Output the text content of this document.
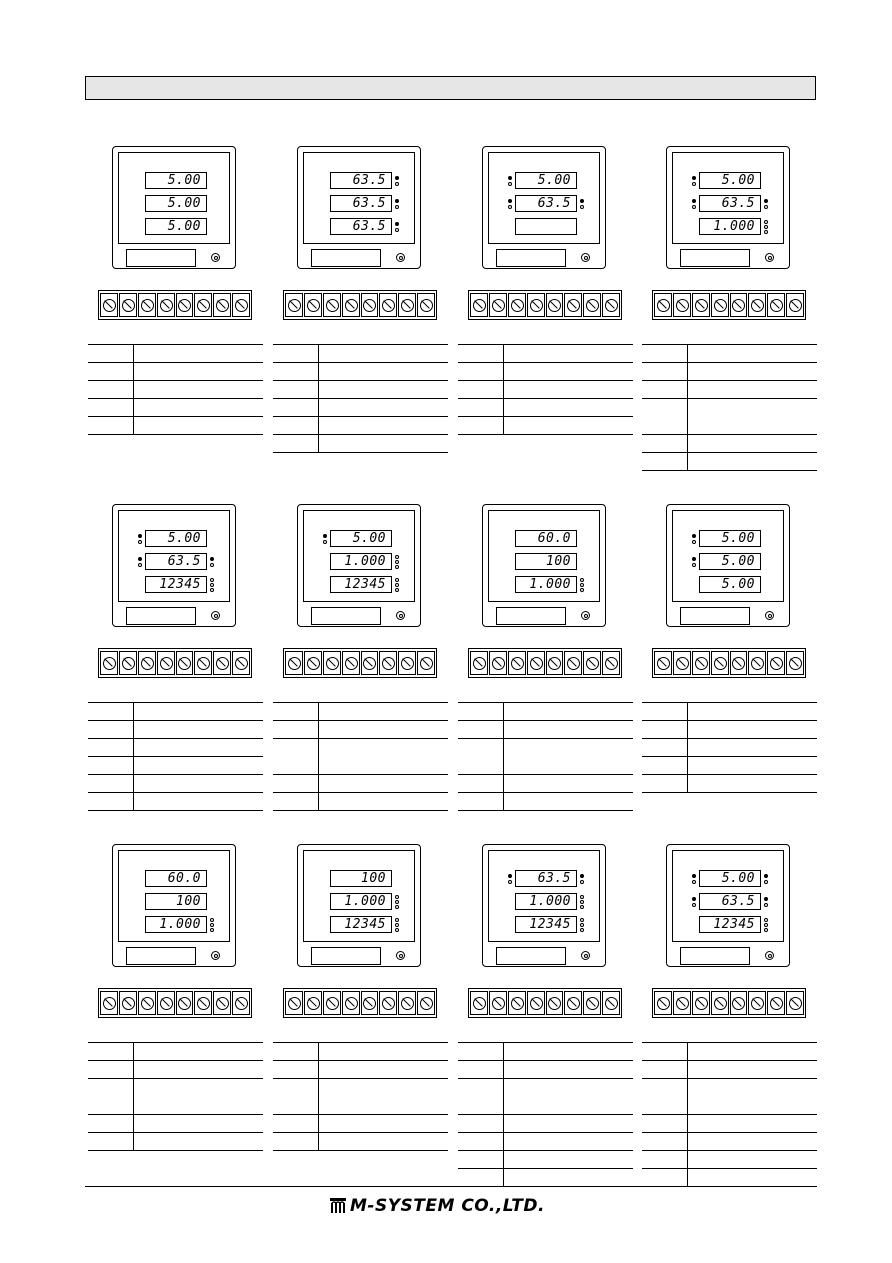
5.00
5.00
5.00
63.5
63.5
63.5
5.00
63.5
5.00
63.5
1.000
5.00
63.5
12345
5.00
1.000
12345
60.0
100
1.000
5.00
5.00
5.00
60.0
100
1.000
100
1.000
12345
63.5
1.000
12345
5.00
63.5
12345
M-SYSTEM CO.,LTD.
